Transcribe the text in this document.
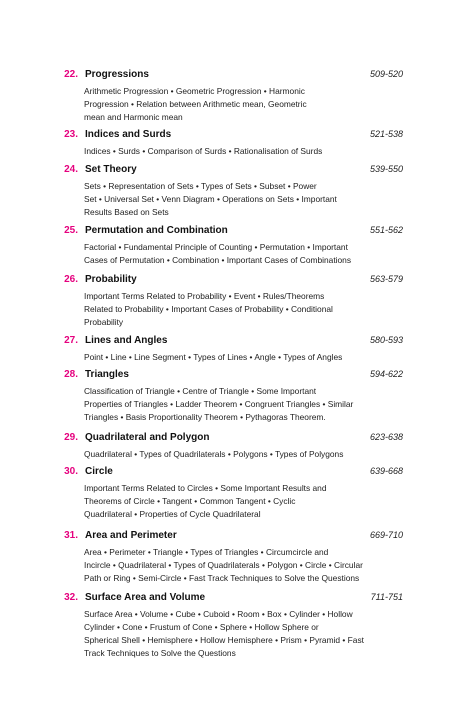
22. Progressions	509-520
Arithmetic Progression • Geometric Progression • Harmonic
Progression • Relation between Arithmetic mean, Geometric
mean and Harmonic mean
23. Indices and Surds	521-538
Indices • Surds • Comparison of Surds • Rationalisation of Surds
24. Set Theory	539-550
Sets • Representation of Sets • Types of Sets • Subset • Power
Set • Universal Set • Venn Diagram • Operations on Sets • Important
Results Based on Sets
25. Permutation and Combination	551-562
Factorial • Fundamental Principle of Counting • Permutation • Important
Cases of Permutation • Combination • Important Cases of Combinations
26. Probability	563-579
Important Terms Related to Probability • Event • Rules/Theorems
Related to Probability • Important Cases of Probability • Conditional
Probability
27. Lines and Angles	580-593
Point • Line • Line Segment • Types of Lines • Angle • Types of Angles
28. Triangles	594-622
Classification of Triangle • Centre of Triangle • Some Important
Properties of Triangles • Ladder Theorem • Congruent Triangles • Similar
Triangles • Basis Proportionality Theorem • Pythagoras Theorem.
29. Quadrilateral and Polygon	623-638
Quadrilateral • Types of Quadrilaterals • Polygons • Types of Polygons
30. Circle	639-668
Important Terms Related to Circles • Some Important Results and
Theorems of Circle • Tangent • Common Tangent • Cyclic
Quadrilateral • Properties of Cycle Quadrilateral
31. Area and Perimeter	669-710
Area • Perimeter • Triangle • Types of Triangles • Circumcircle and
Incircle • Quadrilateral • Types of Quadrilaterals • Polygon • Circle • Circular
Path or Ring • Semi-Circle • Fast Track Techniques to Solve the Questions
32. Surface Area and Volume	711-751
Surface Area • Volume • Cube • Cuboid • Room • Box • Cylinder • Hollow
Cylinder • Cone • Frustum of Cone • Sphere • Hollow Sphere or
Spherical Shell • Hemisphere • Hollow Hemisphere • Prism • Pyramid • Fast
Track Techniques to Solve the Questions
